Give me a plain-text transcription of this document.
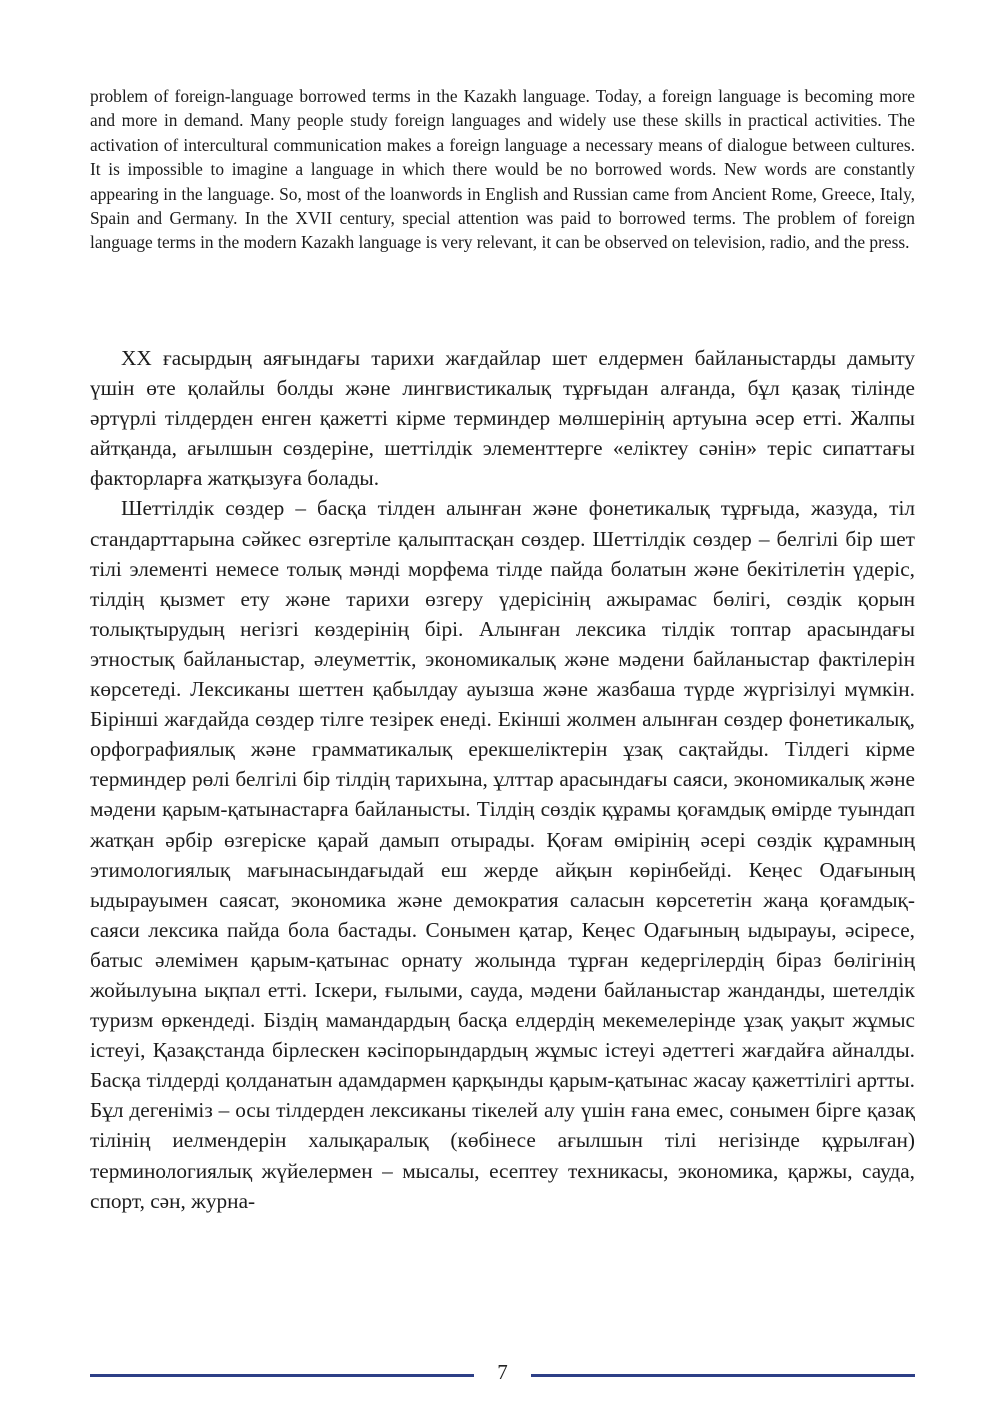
problem of foreign-language borrowed terms in the Kazakh language. Today, a foreign language is becoming more and more in demand. Many people study foreign languages and widely use these skills in practical activities. The activation of intercultural communication makes a foreign language a necessary means of dialogue between cultures. It is impossible to imagine a language in which there would be no borrowed words. New words are constantly appearing in the language. So, most of the loanwords in English and Russian came from Ancient Rome, Greece, Italy, Spain and Germany. In the XVII century, special attention was paid to borrowed terms. The problem of foreign language terms in the modern Kazakh language is very relevant, it can be observed on television, radio, and the press.

XX ғасырдың аяғындағы тарихи жағдайлар шет елдермен байланыстарды дамыту үшін өте қолайлы болды және лингвистикалық тұрғыдан алғанда, бұл қазақ тілінде әртүрлі тілдерден енген қажетті кірме терминдер мөлшерінің артуына әсер етті. Жалпы айтқанда, ағылшын сөздеріне, шеттілдік элементтерге «еліктеу сәнін» теріс сипаттағы факторларға жатқызуға болады.

Шеттілдік сөздер – басқа тілден алынған және фонетикалық тұрғыда, жазуда, тіл стандарттарына сәйкес өзгертіле қалыптасқан сөздер. Шеттілдік сөздер – белгілі бір шет тілі элементі немесе толық мәнді морфема тілде пайда болатын және бекітілетін үдеріс, тілдің қызмет ету және тарихи өзгеру үдерісінің ажырамас бөлігі, сөздік қорын толықтырудың негізгі көздерінің бірі. Алынған лексика тілдік топтар арасындағы этностық байланыстар, әлеуметтік, экономикалық және мәдени байланыстар фактілерін көрсетеді. Лексиканы шеттен қабылдау ауызша және жазбаша түрде жүргізілуі мүмкін. Бірінші жағдайда сөздер тілге тезірек енеді. Екінші жолмен алынған сөздер фонетикалық, орфографиялық және грамматикалық ерекшеліктерін ұзақ сақтайды. Тілдегі кірме терминдер рөлі белгілі бір тілдің тарихына, ұлттар арасындағы саяси, экономикалық және мәдени қарым-қатынастарға байланысты. Тілдің сөздік құрамы қоғамдық өмірде туындап жатқан әрбір өзгеріске қарай дамып отырады. Қоғам өмірінің әсері сөздік құрамның этимологиялық мағынасындағыдай еш жерде айқын көрінбейді. Кеңес Одағының ыдырауымен саясат, экономика және демократия саласын көрсететін жаңа қоғамдық-саяси лексика пайда бола бастады. Сонымен қатар, Кеңес Одағының ыдырауы, әсіресе, батыс әлемімен қарым-қатынас орнату жолында тұрған кедергілердің біраз бөлігінің жойылуына ықпал етті. Іскери, ғылыми, сауда, мәдени байланыстар жанданды, шетелдік туризм өркендеді. Біздің мамандардың басқа елдердің мекемелерінде ұзақ уақыт жұмыс істеуі, Қазақстанда бірлескен кәсіпорындардың жұмыс істеуі әдеттегі жағдайға айналды. Басқа тілдерді қолданатын адамдармен қарқынды қарым-қатынас жасау қажеттілігі артты. Бұл дегеніміз – осы тілдерден лексиканы тікелей алу үшін ғана емес, сонымен бірге қазақ тілінің иелмендерін халықаралық (көбінесе ағылшын тілі негізінде құрылған) терминологиялық жүйелермен – мысалы, есептеу техникасы, экономика, қаржы, сауда, спорт, сән, журна-

7
